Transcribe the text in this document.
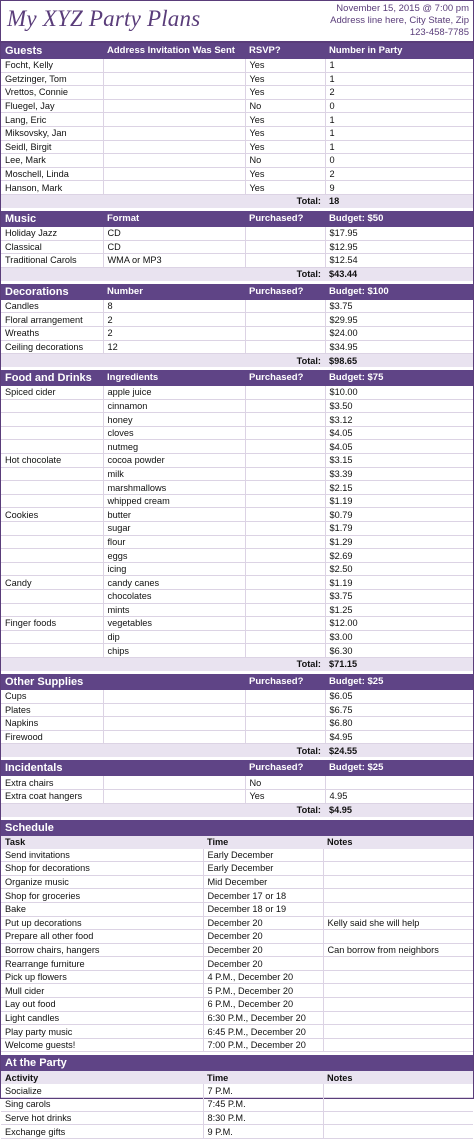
My XYZ Party Plans	November 15, 2015 @ 7:00 pm
Address line here, City State, Zip
123-458-7785
Guests	Address Invitation Was Sent	RSVP?	Number in Party
Focht, Kelly		Yes	1
Getzinger, Tom		Yes	1
Vrettos, Connie		Yes	2
Fluegel, Jay		No	0
Lang, Eric		Yes	1
Miksovsky, Jan		Yes	1
Seidl, Birgit		Yes	1
Lee, Mark		No	0
Moschell, Linda		Yes	2
Hanson, Mark		Yes	9
		Total:	18
Music	Format	Purchased?	Budget: $50
Holiday Jazz	CD		$17.95
Classical	CD		$12.95
Traditional Carols	WMA or MP3		$12.54
		Total:	$43.44
Decorations	Number	Purchased?	Budget: $100
Candles	8		$3.75
Floral arrangement	2		$29.95
Wreaths	2		$24.00
Ceiling decorations	12		$34.95
		Total:	$98.65
Food and Drinks	Ingredients	Purchased?	Budget: $75
Spiced cider	apple juice		$10.00
	cinnamon		$3.50
	honey		$3.12
	cloves		$4.05
	nutmeg		$4.05
Hot chocolate	cocoa powder		$3.15
	milk		$3.39
	marshmallows		$2.15
	whipped cream		$1.19
Cookies	butter		$0.79
	sugar		$1.79
	flour		$1.29
	eggs		$2.69
	icing		$2.50
Candy	candy canes		$1.19
	chocolates		$3.75
	mints		$1.25
Finger foods	vegetables		$12.00
	dip		$3.00
	chips		$6.30
		Total:	$71.15
Other Supplies		Purchased?	Budget: $25
Cups			$6.05
Plates			$6.75
Napkins			$6.80
Firewood			$4.95
		Total:	$24.55
Incidentals		Purchased?	Budget: $25
Extra chairs		No	
Extra coat hangers		Yes	4.95
		Total:	$4.95
Schedule		
Task	Time	Notes
Send invitations	Early December	
Shop for decorations	Early December	
Organize music	Mid December	
Shop for groceries	December 17 or 18	
Bake	December 18 or 19	
Put up decorations	December 20	Kelly said she will help
Prepare all other food	December 20	
Borrow chairs, hangers	December 20	Can borrow from neighbors
Rearrange furniture	December 20	
Pick up flowers	4 P.M., December 20	
Mull cider	5 P.M., December 20	
Lay out food	6 P.M., December 20	
Light candles	6:30 P.M., December 20	
Play party music	6:45 P.M., December 20	
Welcome guests!	7:00 P.M., December 20	
At the Party		
Activity	Time	Notes
Socialize	7 P.M.	
Sing carols	7:45 P.M.	
Serve hot drinks	8:30 P.M.	
Exchange gifts	9 P.M.	
